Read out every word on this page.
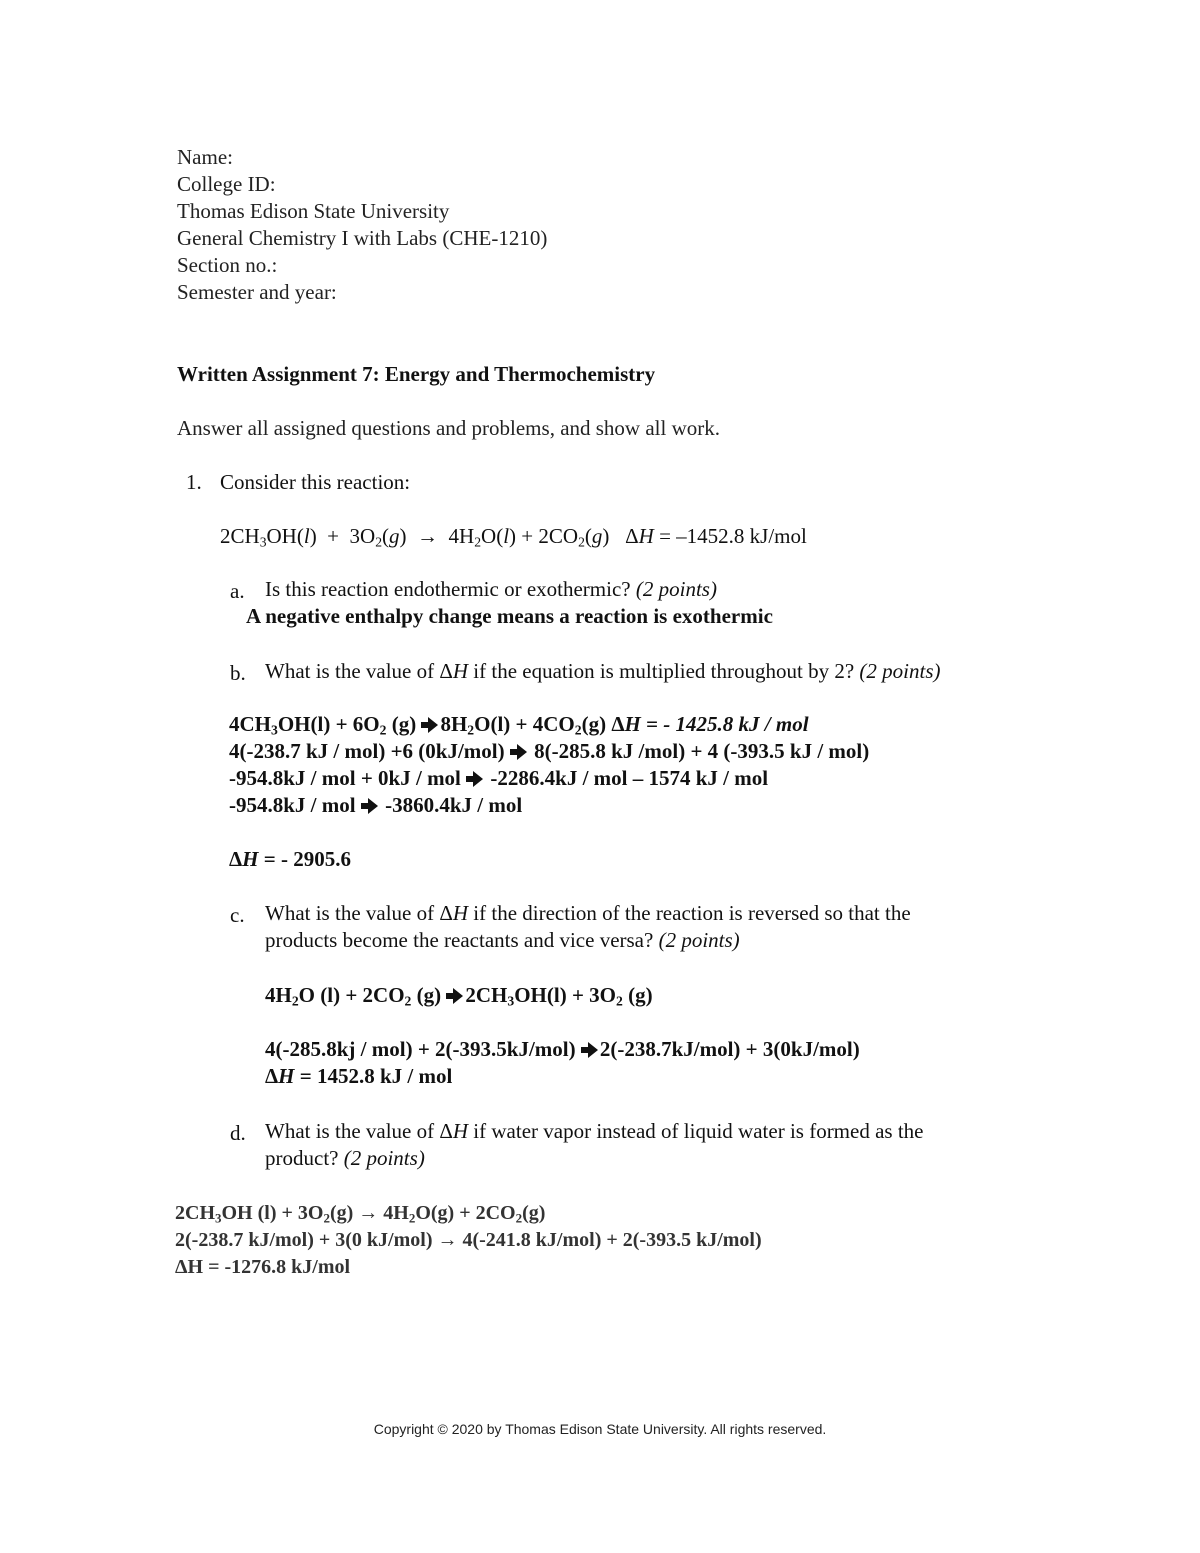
Name:
College ID:
Thomas Edison State University
General Chemistry I with Labs (CHE-1210)
Section no.:
Semester and year:
Written Assignment 7: Energy and Thermochemistry
Answer all assigned questions and problems, and show all work.
1. Consider this reaction:
$2CH_3OH(l) + 3O_2(g) \to 4H_2O(l) + 2CO_2(g) \Delta H = -1452.8$ kJ/mol
a. Is this reaction endothermic or exothermic? (2 points)
A negative enthalpy change means a reaction is exothermic
b. What is the value of ΔH if the equation is multiplied throughout by 2? (2 points)
$4CH_3OH(l) + 6O_2$ (g) $8H_2O(l) + 4CO_2(g) \Delta H$ = - 1425.8 kJ / mol
4(-238.7 kJ / mol) +6 (0kJ/mol) 8(-285.8 kJ /mol) + 4 (-393.5 kJ / mol)
-954.8kJ / mol + 0kJ / mol -2286.4kJ / mol – 1574 kJ / mol
-954.8kJ / mol -3860.4kJ / mol
ΔH = - 2905.6
c. What is the value of ΔH if the direction of the reaction is reversed so that the
products become the reactants and vice versa? (2 points)
$4H_2O$ $(l) + 2CO_2$ (g) $2CH_3OH(l) + 3O_2$ (g)
4(-285.8kj / mol) + 2(-393.5kJ/mol) 2(-238.7kJ/mol) + 3(0kJ/mol)
ΔH = 1452.8 kJ / mol
d. What is the value of ΔH if water vapor instead of liquid water is formed as the
product? (2 points)
$2CH_3OH$ $(l) + 3O_2(g) \to 4H_2O(g) + 2CO_2(g)$
2(-238.7 kJ/mol) + 3(0 kJ/mol) → 4(-241.8 kJ/mol) + 2(-393.5 kJ/mol)
ΔH = -1276.8 kJ/mol
Copyright © 2020 by Thomas Edison State University. All rights reserved.
